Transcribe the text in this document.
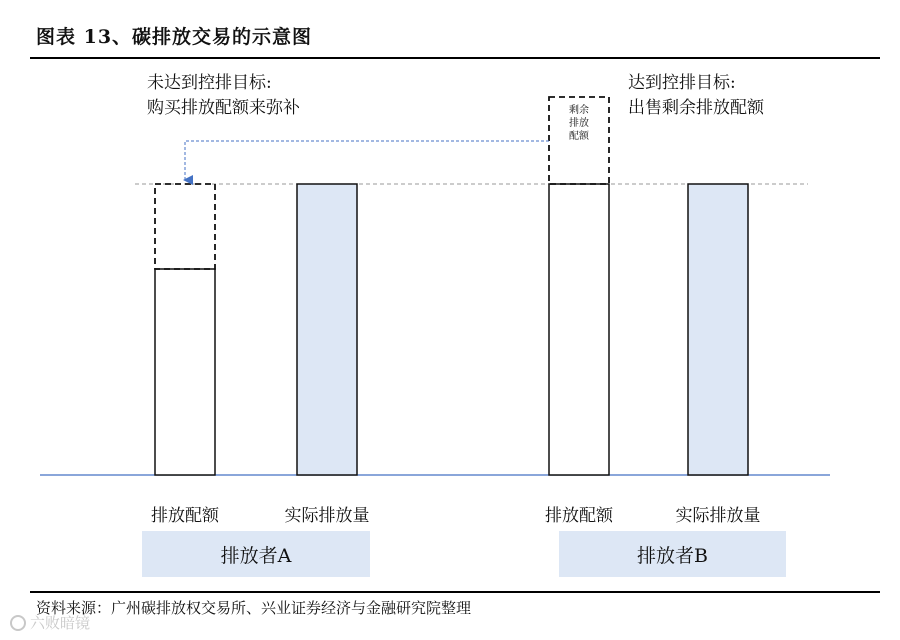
图表 13、碳排放交易的示意图
未达到控排目标:
购买排放配额来弥补
达到控排目标:
出售剩余排放配额
剩余
排放
配额
排放配额	实际排放量	排放配额	实际排放量
排放者A	排放者B
资料来源：广州碳排放权交易所、兴业证券经济与金融研究院整理
六败暗镜
